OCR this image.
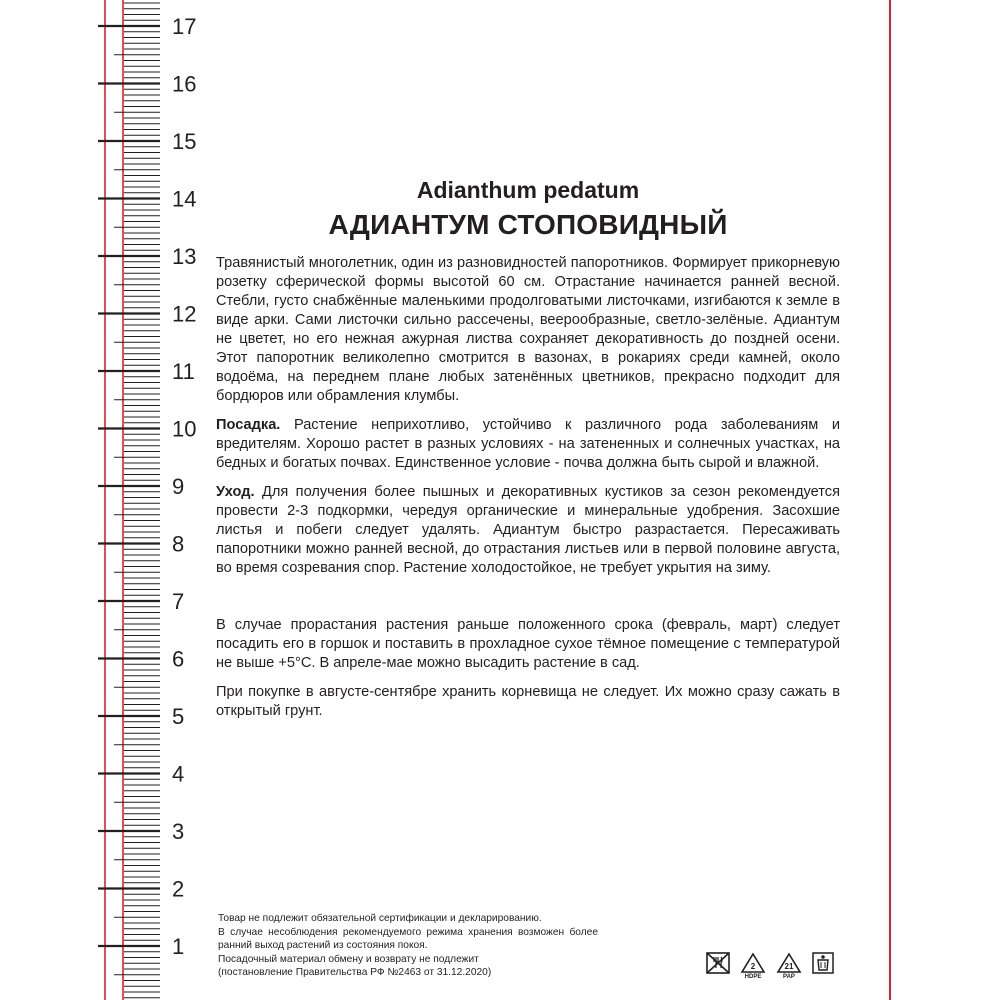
17
16
15
14
13
12
11
10
9
8
7
6
5
4
3
2
1

Adianthum pedatum

АДИАНТУМ СТОПОВИДНЫЙ

Травянистый многолетник, один из разновидностей папоротников. Формирует прикорневую розетку сферической формы высотой 60 см. Отрастание начинается ранней весной. Стебли, густо снабжённые маленькими продолговатыми листочками, изгибаются к земле в виде арки. Сами листочки сильно рассечены, веерообразные, светло-зелёные. Адиантум не цветет, но его нежная ажурная листва сохраняет декоративность до поздней осени. Этот папоротник великолепно смотрится в вазонах, в рокариях среди камней, около водоёма, на переднем плане любых затенённых цветников, прекрасно подходит для бордюров или обрамления клумбы.

Посадка. Растение неприхотливо, устойчиво к различного рода заболеваниям и вредителям. Хорошо растет в разных условиях - на затененных и солнечных участках, на бедных и богатых почвах. Единственное условие - почва должна быть сырой и влажной.

Уход. Для получения более пышных и декоративных кустиков за сезон рекомендуется провести 2-3 подкормки, чередуя органические и минеральные удобрения. Засохшие листья и побеги следует удалять. Адиантум быстро разрастается. Пересаживать папоротники можно ранней весной, до отрастания листьев или в первой половине августа, во время созревания спор. Растение холодостойкое, не требует укрытия на зиму.

В случае прорастания растения раньше положенного срока (февраль, март) следует посадить его в горшок и поставить в прохладное сухое тёмное помещение с температурой не выше +5°C. В апреле-мае можно высадить растение в сад.

При покупке в августе-сентябре хранить корневища не следует. Их можно сразу сажать в открытый грунт.

Товар не подлежит обязательной сертификации и декларированию.
В случае несоблюдения рекомендуемого режима хранения возможен более ранний выход растений из состояния покоя.
Посадочный материал обмену и возврату не подлежит
(постановление Правительства РФ №2463 от 31.12.2020)
2
HDPE
21
PAP
